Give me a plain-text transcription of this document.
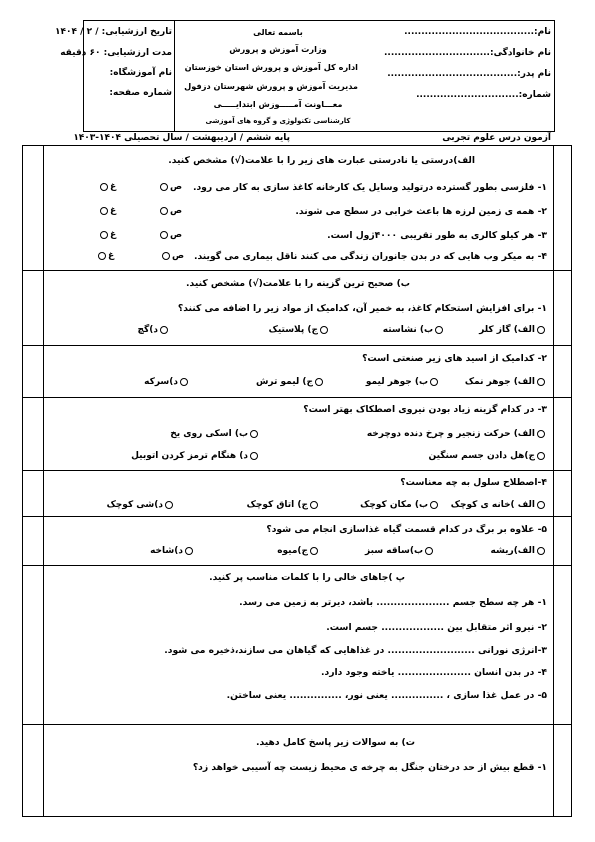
نام:......................................
نام خانوادگی:...............................
نام پدر:......................................
شماره:..............................
باسمه تعالی
وزارت آموزش و پرورش
اداره کل آموزش و پرورش استان خوزستان
مدیریت آموزش و پرورش شهرستان دزفول
معـــاونت آمـــــوزش ابتدایـــــی
کارشناسی تکنولوژی و گروه های آموزشی
تاریخ ارزشیابی: / ۲ / ۱۴۰۴
مدت ارزشیابی: ۶۰ دقیقه
نام آموزشگاه:
شماره صفحه:
آزمون درس علوم تجربی
پایه ششم / اردیبهشت / سال تحصیلی ۱۴۰۴-۱۴۰۳
الف)درستی یا نادرستی عبارت های زیر را با علامت(√) مشخص کنید.
۱- فلزسی بطور گسترده درتولید وسایل یک کارخانه کاغذ سازی به کار می رود.
ص
غ
۲- همه ی زمین لرزه ها باعث خرابی در سطح می شوند.
ص
غ
۳- هر کیلو کالری به طور تقریبی ۴۰۰۰ژول است.
ص
غ
۴- به میکر وب هایی که در بدن جانوران زندگی می کنند ناقل بیماری می گویند.
ص
غ
ب) صحیح ترین گزینه را با علامت(√) مشخص کنید.
۱- برای افزایش استحکام کاغذ، به خمیر آن، کدامیک از مواد زیر را اضافه می کنند؟
الف) گاز کلر
ب) نشاسته
ج) پلاستیک
د)گچ
۲- کدامیک از اسید های زیر صنعتی است؟
الف) جوهر نمک
ب) جوهر لیمو
ج) لیمو ترش
د)سرکه
۳- در کدام گزینه زیاد بودن نیروی اصطکاک بهتر است؟
الف) حرکت زنجیر و چرخ دنده دوچرخه
ب) اسکی روی یخ
ج)هل دادن جسم سنگین
د) هنگام ترمز کردن اتوبیل
۴-اصطلاح سلول به چه معناست؟
الف )خانه ی کوچک
ب) مکان کوچک
ج) اتاق کوچک
د)شی کوچک
۵- علاوه بر برگ در کدام قسمت گیاه غذاسازی انجام می شود؟
الف)ریشه
ب)ساقه سبز
ج)میوه
د)شاخه
پ )جاهای خالی را با کلمات مناسب پر کنید.
۱- هر چه سطح جسم ..................... باشد، دیرتر به زمین می رسد.
۲- نیرو اثر متقابل بین .................. جسم است.
۳-انرژی نورانی ......................... در غذاهایی که گیاهان می سازند،ذخیره می شود.
۴- در بدن انسان ..................... یاخته وجود دارد.
۵- در عمل غذا سازی ، ............... یعنی نور، ............... یعنی ساختن.
ت) به سوالات زیر پاسخ کامل دهید.
۱- قطع بیش از حد درختان جنگل به چرخه ی محیط زیست چه آسیبی خواهد زد؟
